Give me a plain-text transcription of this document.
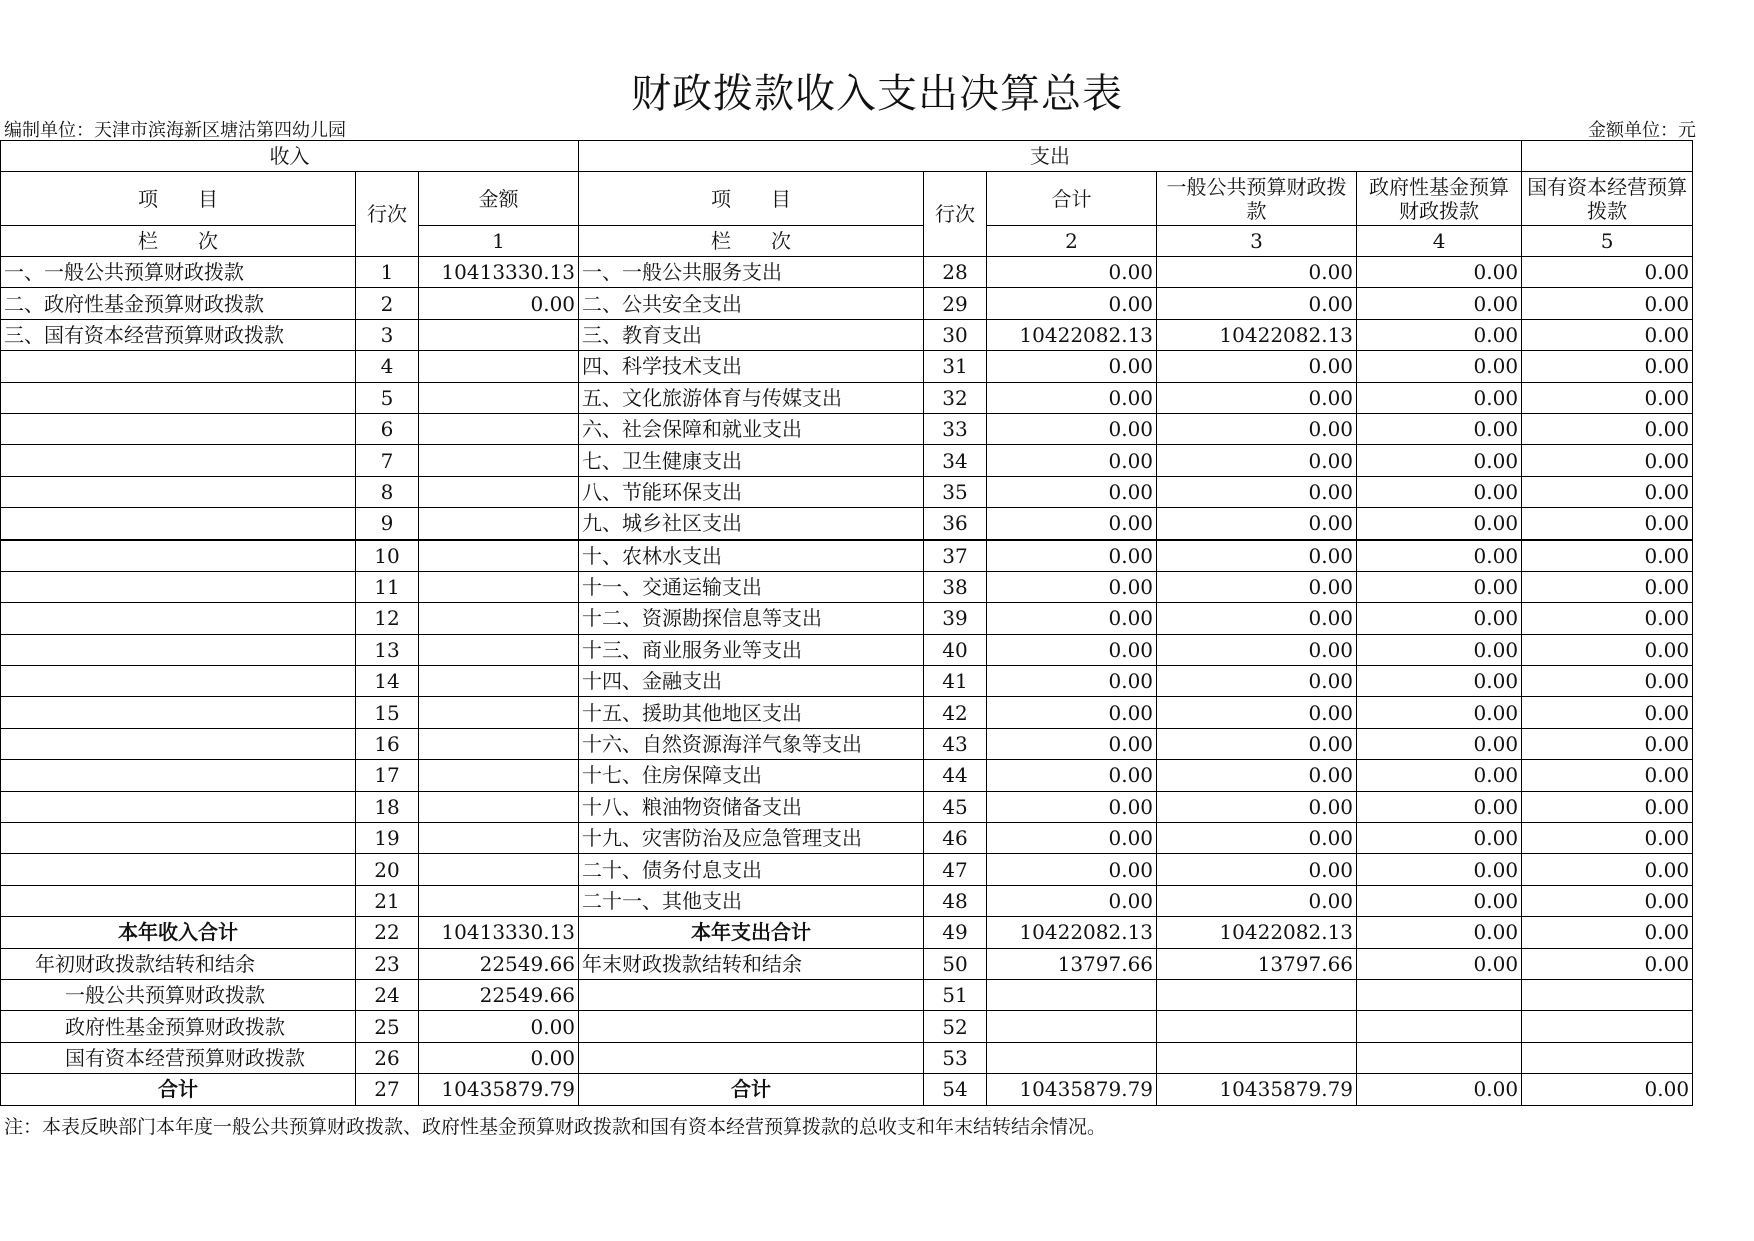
财政拨款收入支出决算总表
编制单位：天津市滨海新区塘沽第四幼儿园	金额单位：元
收入			支出					
项　　目	行次	金额	项　　目	行次	合计	一般公共预算财政拨款	政府性基金预算财政拨款	国有资本经营预算拨款
栏　　次		1	栏　　次		2	3	4	5
一、一般公共预算财政拨款	1	10413330.13	一、一般公共服务支出	28	0.00	0.00	0.00	0.00
二、政府性基金预算财政拨款	2	0.00	二、公共安全支出	29	0.00	0.00	0.00	0.00
三、国有资本经营预算财政拨款	3		三、教育支出	30	10422082.13	10422082.13	0.00	0.00
	4		四、科学技术支出	31	0.00	0.00	0.00	0.00
	5		五、文化旅游体育与传媒支出	32	0.00	0.00	0.00	0.00
	6		六、社会保障和就业支出	33	0.00	0.00	0.00	0.00
	7		七、卫生健康支出	34	0.00	0.00	0.00	0.00
	8		八、节能环保支出	35	0.00	0.00	0.00	0.00
	9		九、城乡社区支出	36	0.00	0.00	0.00	0.00
	10		十、农林水支出	37	0.00	0.00	0.00	0.00
	11		十一、交通运输支出	38	0.00	0.00	0.00	0.00
	12		十二、资源勘探信息等支出	39	0.00	0.00	0.00	0.00
	13		十三、商业服务业等支出	40	0.00	0.00	0.00	0.00
	14		十四、金融支出	41	0.00	0.00	0.00	0.00
	15		十五、援助其他地区支出	42	0.00	0.00	0.00	0.00
	16		十六、自然资源海洋气象等支出	43	0.00	0.00	0.00	0.00
	17		十七、住房保障支出	44	0.00	0.00	0.00	0.00
	18		十八、粮油物资储备支出	45	0.00	0.00	0.00	0.00
	19		十九、灾害防治及应急管理支出	46	0.00	0.00	0.00	0.00
	20		二十、债务付息支出	47	0.00	0.00	0.00	0.00
	21		二十一、其他支出	48	0.00	0.00	0.00	0.00
本年收入合计	22	10413330.13	本年支出合计	49	10422082.13	10422082.13	0.00	0.00
年初财政拨款结转和结余	23	22549.66	年末财政拨款结转和结余	50	13797.66	13797.66	0.00	0.00
一般公共预算财政拨款	24	22549.66		51				
政府性基金预算财政拨款	25	0.00		52				
国有资本经营预算财政拨款	26	0.00		53				
合计	27	10435879.79	合计	54	10435879.79	10435879.79	0.00	0.00
注：本表反映部门本年度一般公共预算财政拨款、政府性基金预算财政拨款和国有资本经营预算拨款的总收支和年末结转结余情况。
